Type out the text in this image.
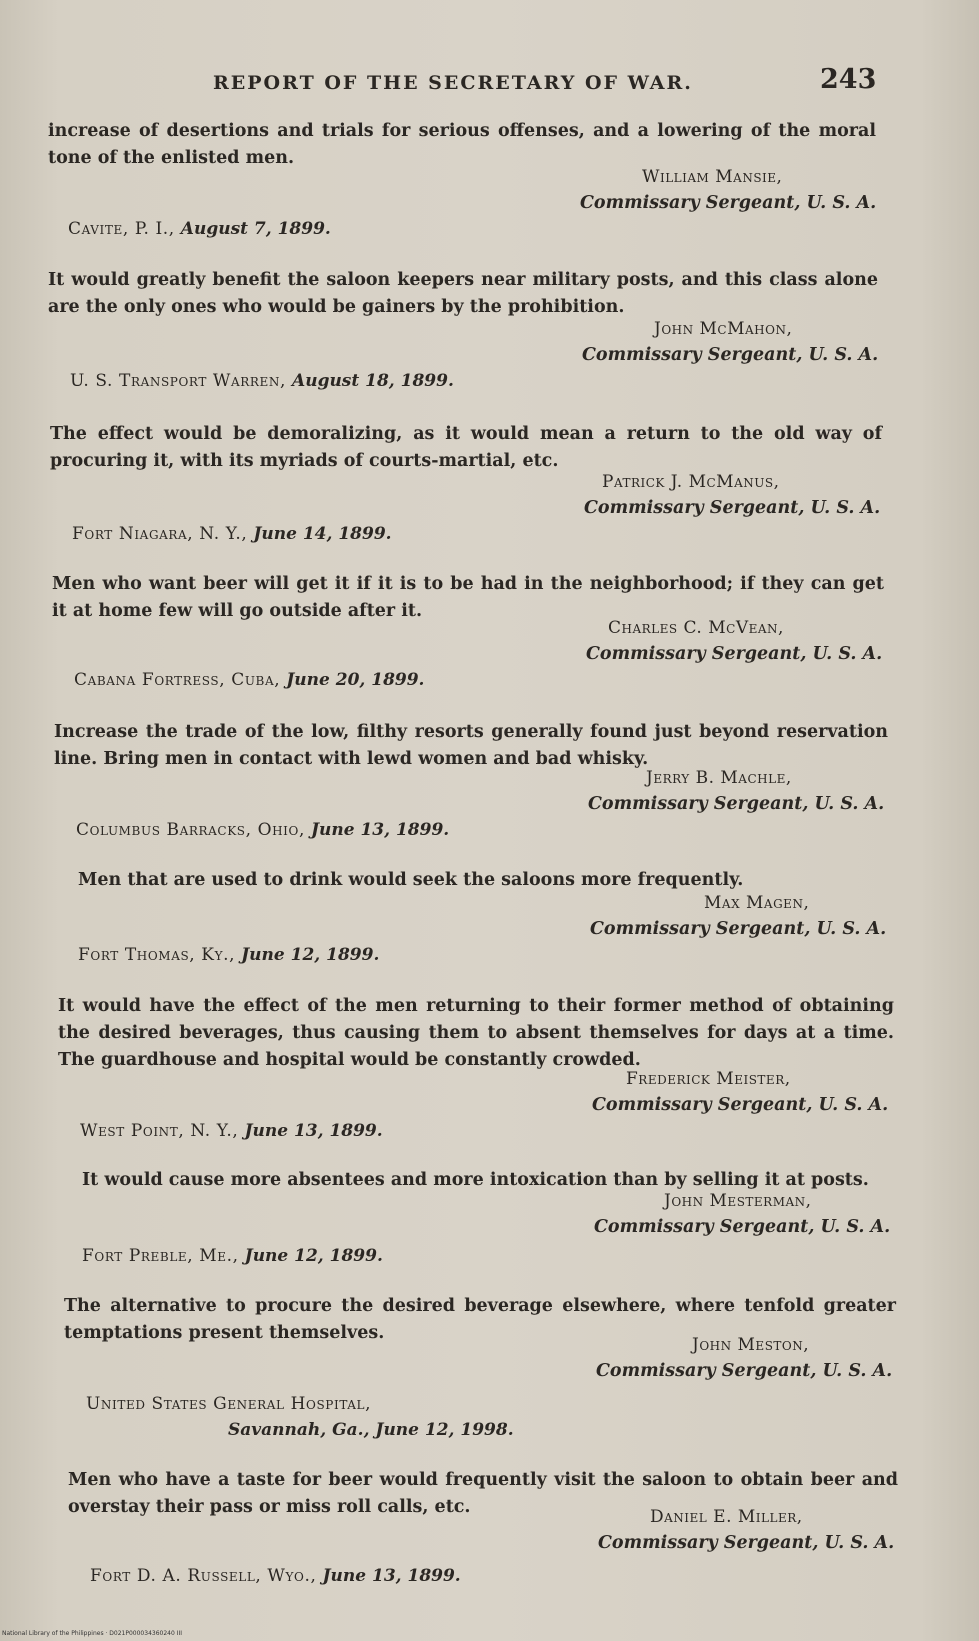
REPORT OF THE SECRETARY OF WAR.	243
increase of desertions and trials for serious offenses, and a lowering of the moral tone of the enlisted men.
William Mansie,
Commissary Sergeant, U. S. A.
Cavite, P. I., August 7, 1899.
It would greatly benefit the saloon keepers near military posts, and this class alone are the only ones who would be gainers by the prohibition.
John McMahon,
Commissary Sergeant, U. S. A.
U. S. Transport Warren, August 18, 1899.
The effect would be demoralizing, as it would mean a return to the old way of procuring it, with its myriads of courts-martial, etc.
Patrick J. McManus,
Commissary Sergeant, U. S. A.
Fort Niagara, N. Y., June 14, 1899.
Men who want beer will get it if it is to be had in the neighborhood; if they can get it at home few will go outside after it.
Charles C. McVean,
Commissary Sergeant, U. S. A.
Cabana Fortress, Cuba, June 20, 1899.
Increase the trade of the low, filthy resorts generally found just beyond reservation line. Bring men in contact with lewd women and bad whisky.
Jerry B. Machle,
Commissary Sergeant, U. S. A.
Columbus Barracks, Ohio, June 13, 1899.
Men that are used to drink would seek the saloons more frequently.
Max Magen,
Commissary Sergeant, U. S. A.
Fort Thomas, Ky., June 12, 1899.
It would have the effect of the men returning to their former method of obtaining the desired beverages, thus causing them to absent themselves for days at a time. The guardhouse and hospital would be constantly crowded.
Frederick Meister,
Commissary Sergeant, U. S. A.
West Point, N. Y., June 13, 1899.
It would cause more absentees and more intoxication than by selling it at posts.
John Mesterman,
Commissary Sergeant, U. S. A.
Fort Preble, Me., June 12, 1899.
The alternative to procure the desired beverage elsewhere, where tenfold greater temptations present themselves.
John Meston,
Commissary Sergeant, U. S. A.
United States General Hospital,
Savannah, Ga., June 12, 1998.
Men who have a taste for beer would frequently visit the saloon to obtain beer and overstay their pass or miss roll calls, etc.	Daniel E. Miller,
Commissary Sergeant, U. S. A.
Fort D. A. Russell, Wyo., June 13, 1899.
National Library of the Philippines · D021P000034360240 III
